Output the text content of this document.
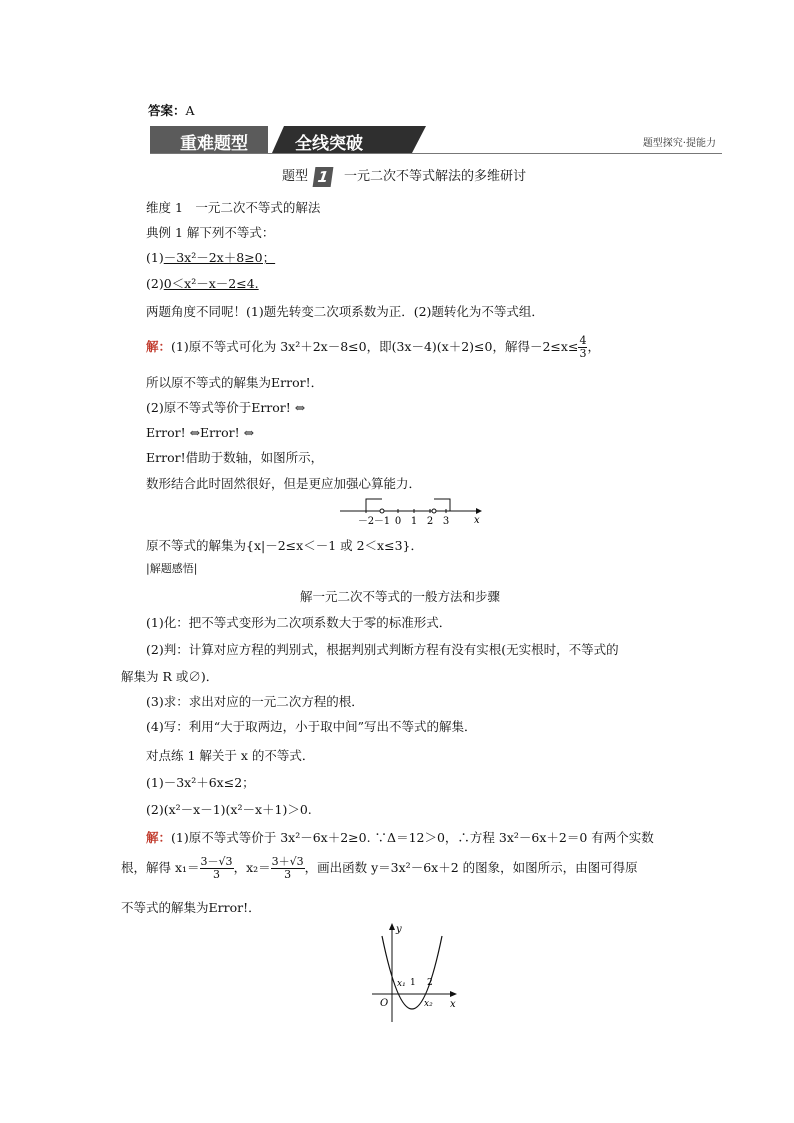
答案：A
重难题型	全线突破	题型探究·提能力
题型 1 一元二次不等式解法的多维研讨
维度 1　一元二次不等式的解法
典例 1 解下列不等式：
(1)－3x²－2x＋8≥0；
(2)0＜x²－x－2≤4.
两题角度不同呢！(1)题先转变二次项系数为正．(2)题转化为不等式组．
解：(1)原不等式可化为 3x²＋2x－8≤0，即(3x－4)(x＋2)≤0，解得$-2\le x\le \frac{4}{3}$ ，
所以原不等式的解集为Error!．
(2)原不等式等价于Error! ⇔
Error! ⇔Error! ⇔
Error!借助于数轴，如图所示，
数形结合此时固然很好，但是更应加强心算能力．
－2 －1 0 1 2 3 x
原不等式的解集为{x|－2≤x＜－1 或 2＜x≤3}．
|解题感悟|
解一元二次不等式的一般方法和步骤
(1)化：把不等式变形为二次项系数大于零的标准形式．
(2)判：计算对应方程的判别式，根据判别式判断方程有没有实根(无实根时，不等式的
解集为 R 或∅)．
(3)求：求出对应的一元二次方程的根．
(4)写：利用“大于取两边，小于取中间”写出不等式的解集．
对点练 1 解关于 x 的不等式．
(1)－3x²＋6x≤2；
(2)(x²－x－1)(x²－x＋1)＞0.
解：(1)原不等式等价于 3x²－6x＋2≥0. ∵Δ＝12＞0，∴方程 3x²－6x＋2＝0 有两个实数
根，解得 $x_1= \frac{3-√3}{3}$ ，$x_2= \frac{3+√3}{3}$ ，画出函数 y＝3x²－6x＋2 的图象，如图所示，由图可得原
不等式的解集为Error!．
y
x
O
x₁ 1 2
x₂
